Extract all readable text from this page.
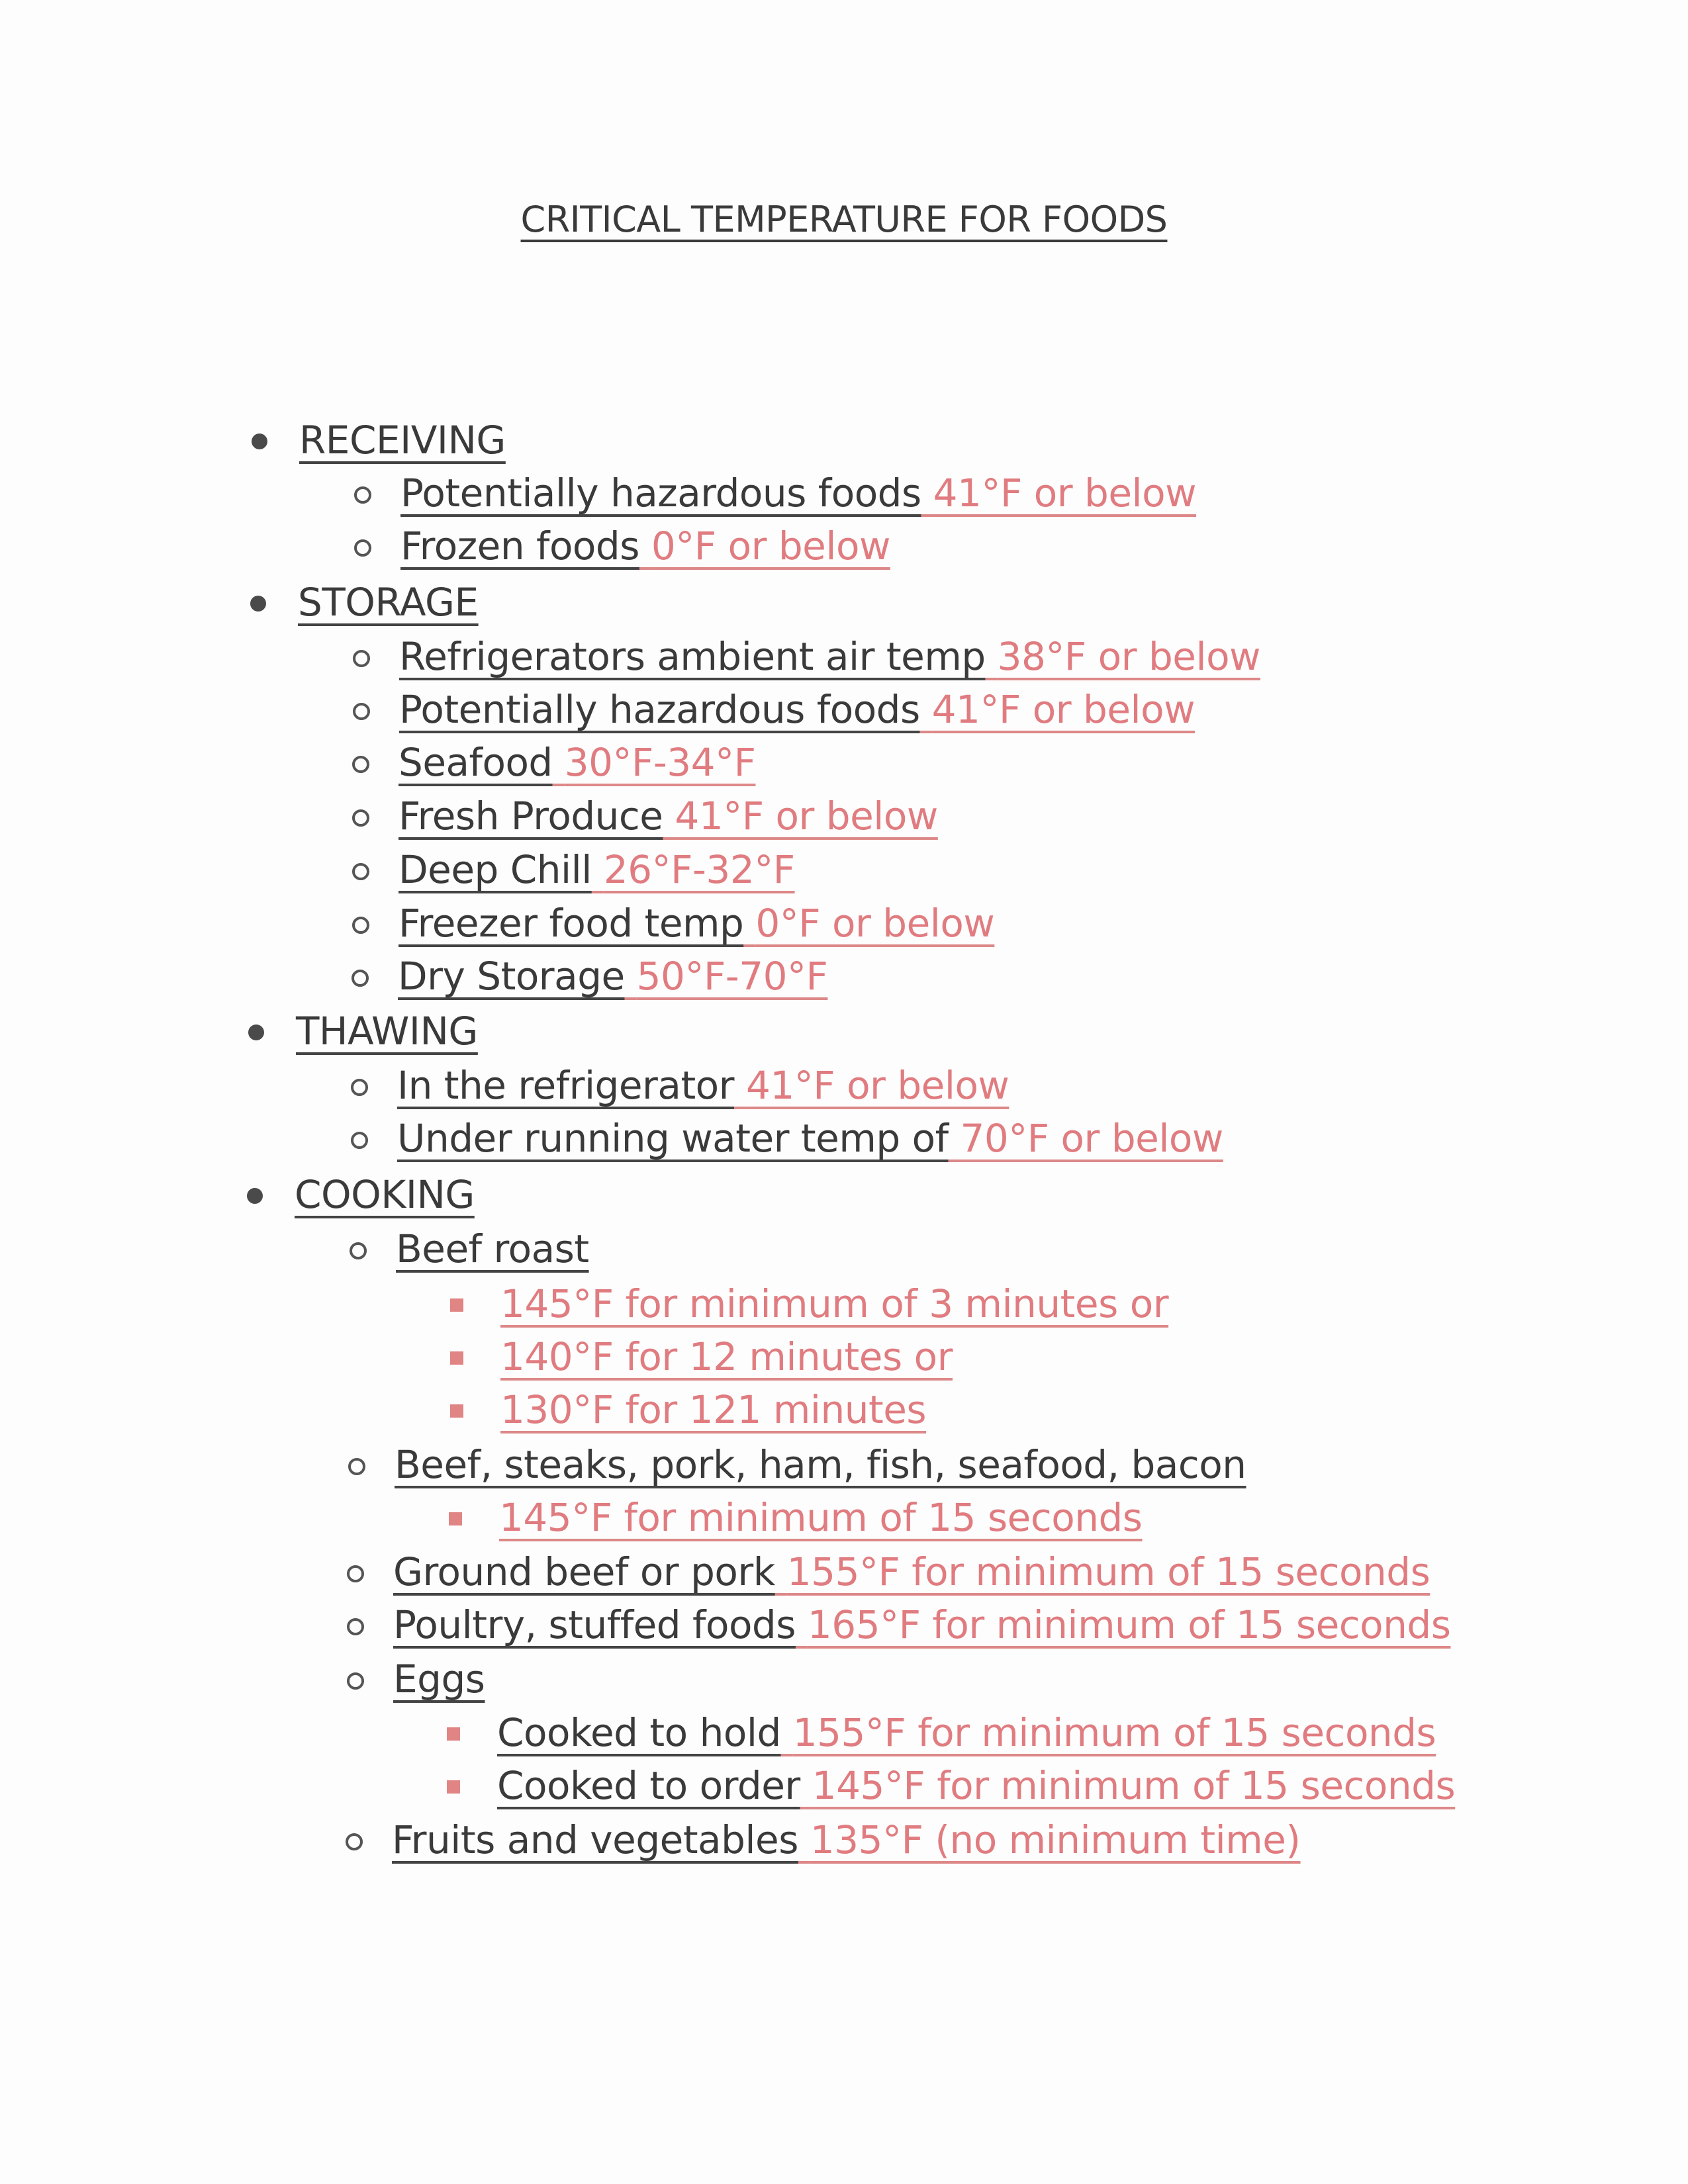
CRITICAL TEMPERATURE FOR FOODS
RECEIVING
Potentially hazardous foods 41°F or below
Frozen foods 0°F or below
STORAGE
Refrigerators ambient air temp 38°F or below
Potentially hazardous foods 41°F or below
Seafood 30°F-34°F
Fresh Produce 41°F or below
Deep Chill 26°F-32°F
Freezer food temp 0°F or below
Dry Storage 50°F-70°F
THAWING
In the refrigerator 41°F or below
Under running water temp of 70°F or below
COOKING
Beef roast
145°F for minimum of 3 minutes or
140°F for 12 minutes or
130°F for 121 minutes
Beef, steaks, pork, ham, fish, seafood, bacon
145°F for minimum of 15 seconds
Ground beef or pork 155°F for minimum of 15 seconds
Poultry, stuffed foods 165°F for minimum of 15 seconds
Eggs
Cooked to hold 155°F for minimum of 15 seconds
Cooked to order 145°F for minimum of 15 seconds
Fruits and vegetables 135°F (no minimum time)
